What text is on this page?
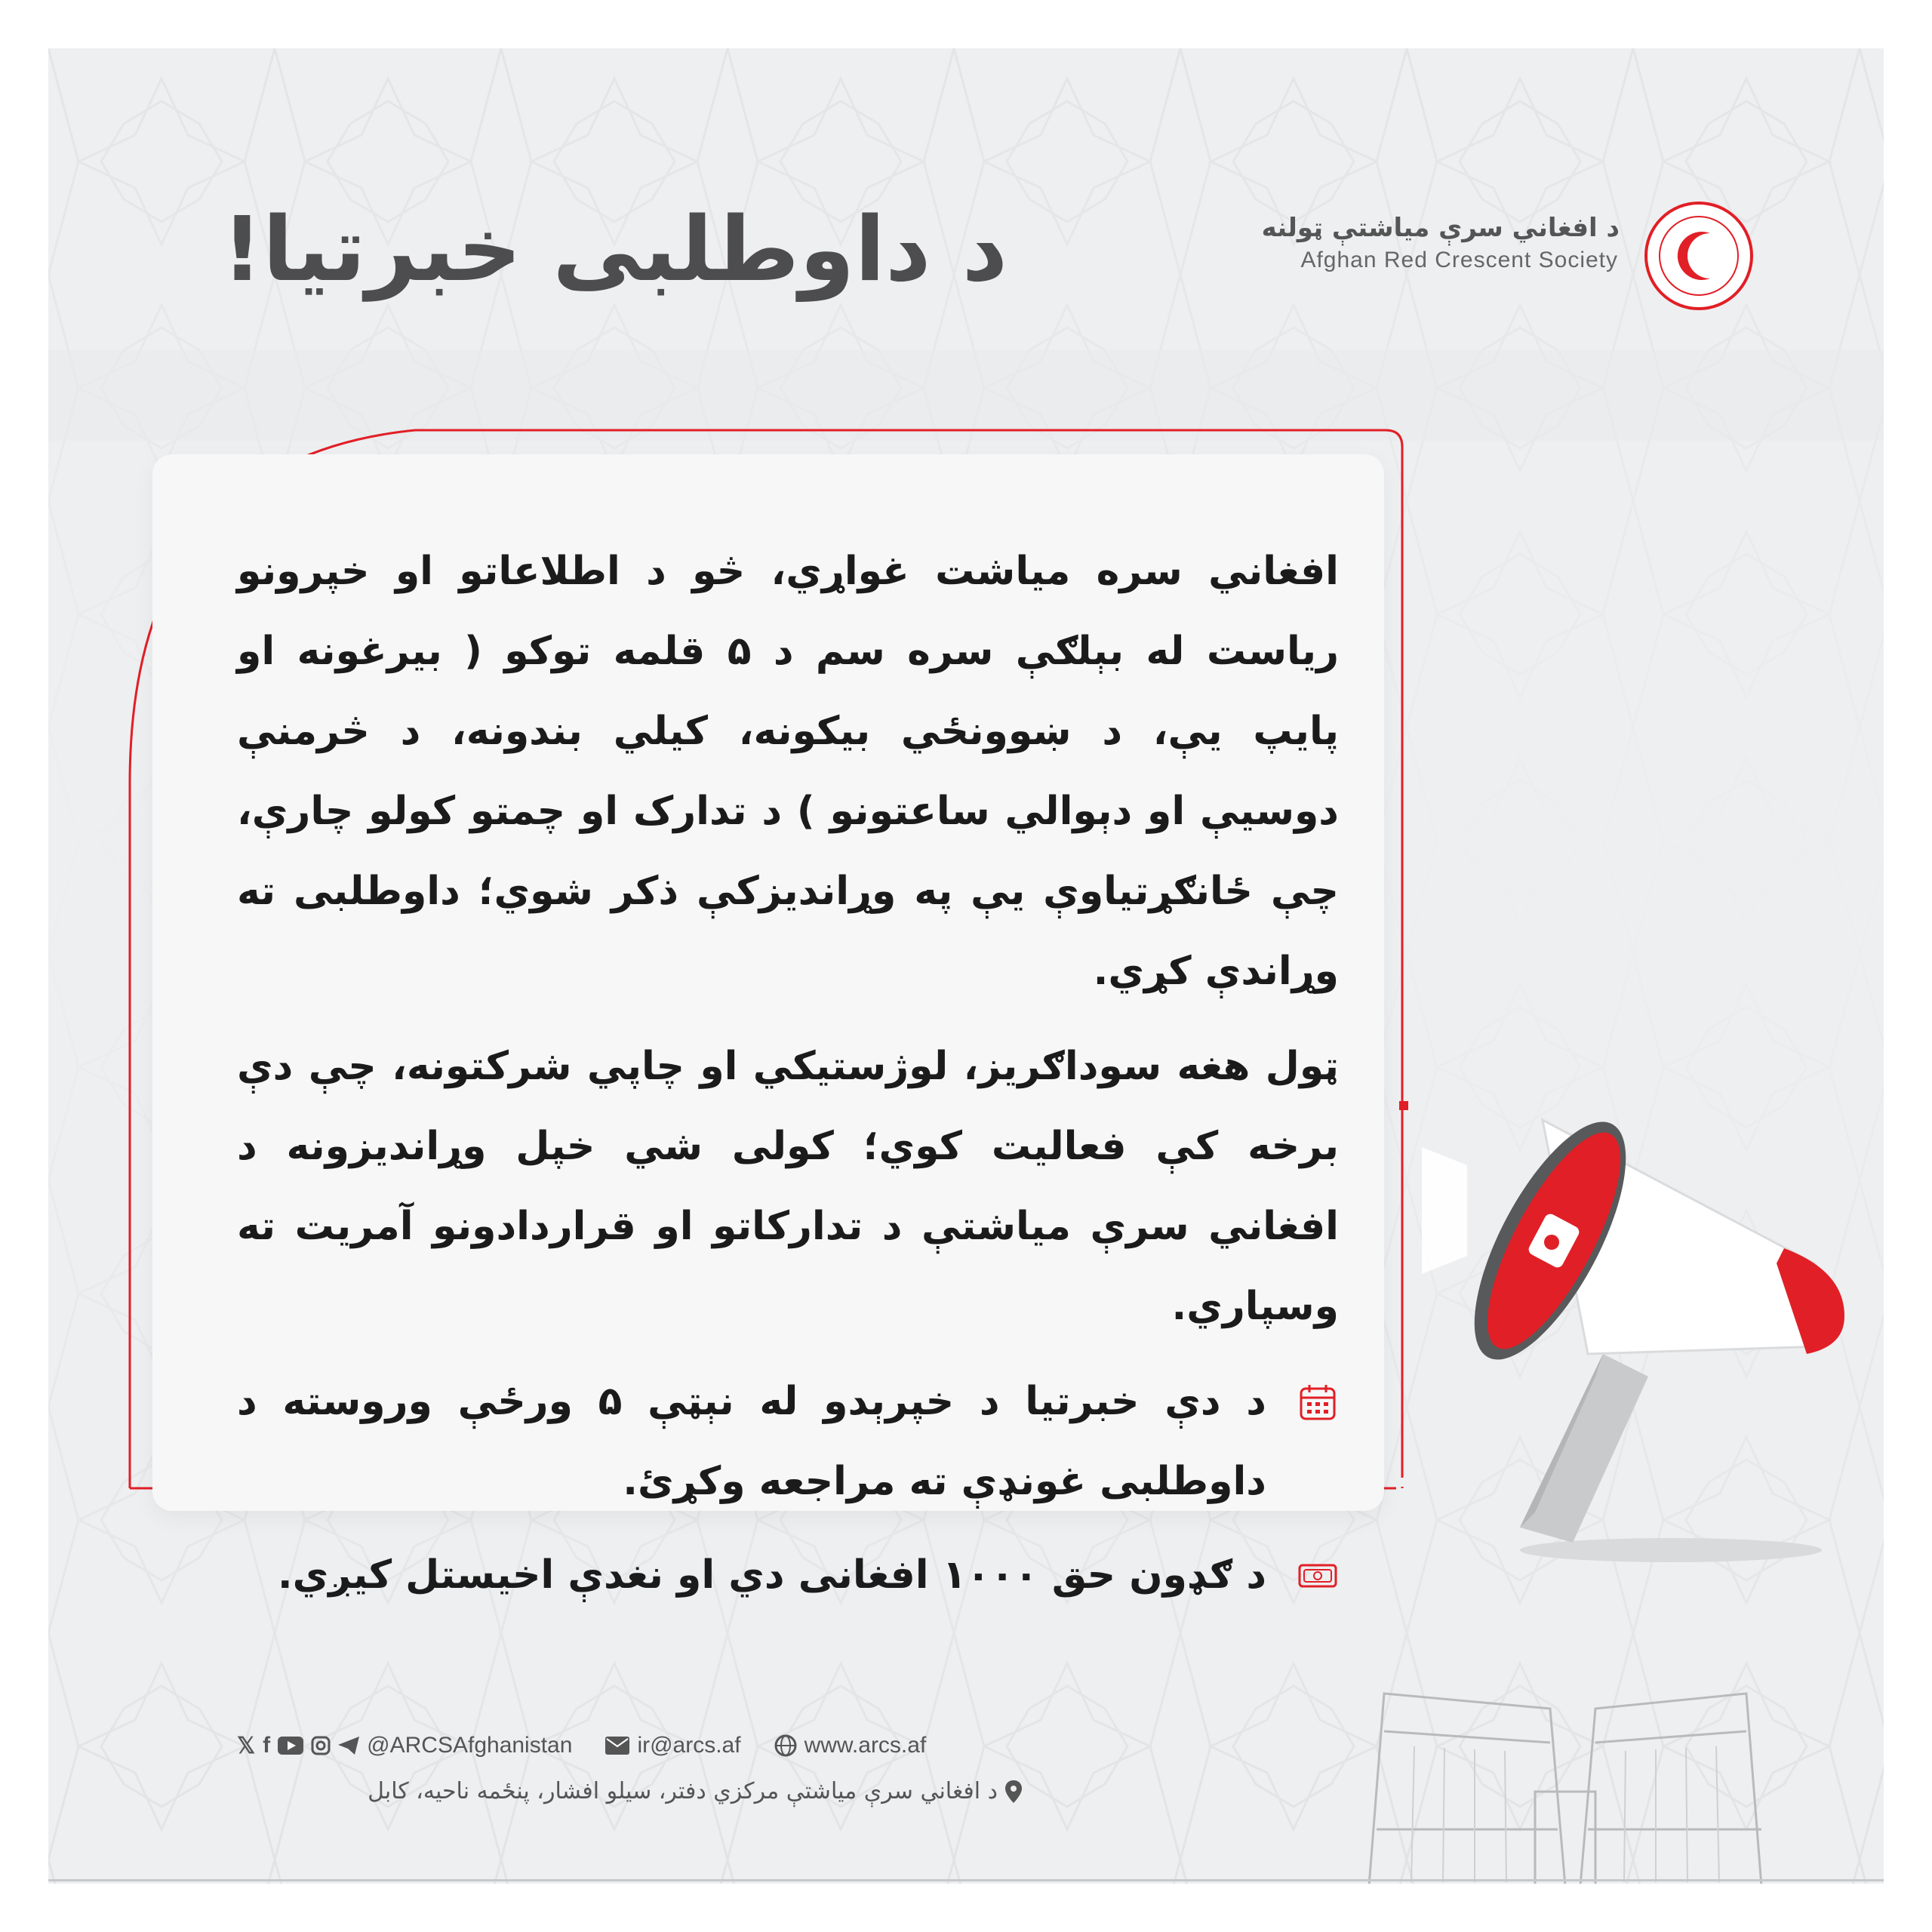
د افغاني سرې میاشتې ټولنه
Afghan Red Crescent Society
د داوطلبی خبرتیا!

افغاني سره میاشت غواړي، څو د اطلاعاتو او خپرونو ریاست له بېلګې سره سم د ۵ قلمه توکو ( بیرغونه او پایپ یې، د ښوونځي بیکونه، کیلي بندونه، د څرمنې دوسیې او دېوالي ساعتونو ) د تدارک او چمتو کولو چارې، چې ځانګړتیاوې یې په وړاندیزکې ذکر شوي؛ داوطلبی ته وړاندې کړي.

ټول هغه سوداګریز، لوژستیکي او چاپي شرکتونه، چې دې برخه کې فعالیت کوي؛ کولی شي خپل وړاندیزونه د افغاني سرې میاشتې د تدارکاتو او قراردادونو آمریت ته وسپاري.

د دې خبرتیا د خپرېدو له نېټې ۵ ورځې وروسته د داوطلبی غونډې ته مراجعه وکړئ.
د ګډون حق ۱۰۰۰ افغانی دي او نغدې اخیستل کیږي.
𝕏 f	@ARCSAfghanistan	ir@arcs.af	www.arcs.af
د افغاني سرې میاشتې مرکزي دفتر، سیلو افشار، پنځمه ناحیه، کابل
